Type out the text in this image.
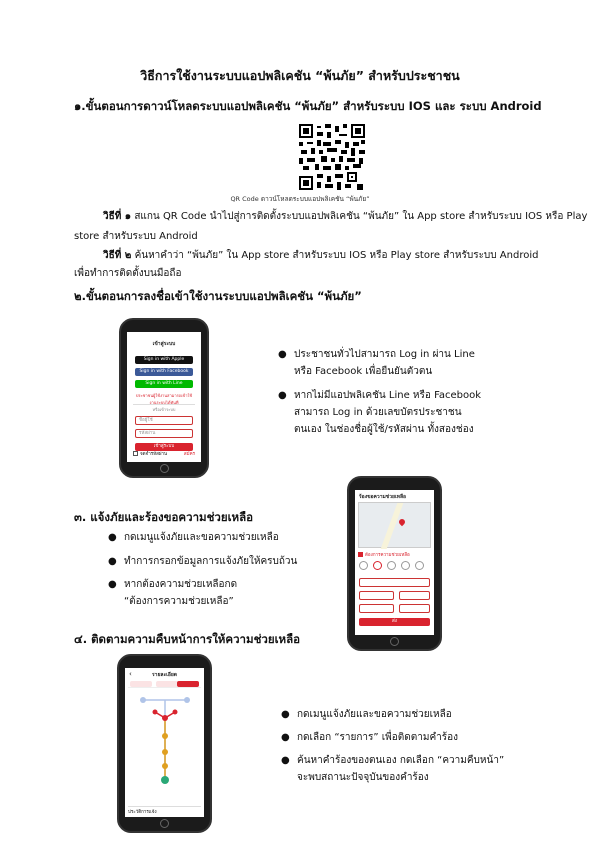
วิธีการใช้งานระบบแอปพลิเคชัน “พ้นภัย” สำหรับประชาชน
๑.ขั้นตอนการดาวน์โหลดระบบแอปพลิเคชัน “พ้นภัย” สำหรับระบบ IOS และ ระบบ Android
QR Code ดาวน์โหลดระบบแอปพลิเคชัน “พ้นภัย”
วิธีที่ ๑ สแกน QR Code นำไปสู่การติดตั้งระบบแอปพลิเคชัน “พ้นภัย” ใน App store สำหรับระบบ IOS หรือ Play
store สำหรับระบบ Android
วิธีที่ ๒ ค้นหาคำว่า “พ้นภัย” ใน App store สำหรับระบบ IOS หรือ Play store สำหรับระบบ Android
เพื่อทำการติดตั้งบนมือถือ
๒.ขั้นตอนการลงชื่อเข้าใช้งานระบบแอปพลิเคชัน “พ้นภัย”
เข้าสู่ระบบ
Sign in with Apple
Sign in with Facebook
Sign in with Line
ประชาชนผู้ใช้งานสามารถเข้าใช้งานระบบได้ทันที
หรือเข้าระบบ
ชื่อผู้ใช้
รหัสผ่าน
เข้าสู่ระบบ
จดจำรหัสผ่าน	สมัคร
● ประชาชนทั่วไปสามารถ Log in ผ่าน Line
หรือ Facebook เพื่อยืนยันตัวตน
● หากไม่มีแอปพลิเคชัน Line หรือ Facebook
สามารถ Log in ด้วยเลขบัตรประชาชน
ตนเอง ในช่องชื่อผู้ใช้/รหัสผ่าน ทั้งสองช่อง
๓. แจ้งภัยและร้องขอความช่วยเหลือ
● กดเมนูแจ้งภัยและขอความช่วยเหลือ
● ทำการกรอกข้อมูลการแจ้งภัยให้ครบถ้วน
● หากต้องความช่วยเหลือกด
“ต้องการความช่วยเหลือ”
ร้องขอความช่วยเหลือ
ต้องการความช่วยเหลือ
ส่ง
๔. ติดตามความคืบหน้าการให้ความช่วยเหลือ
‹	รายละเอียด
ประวัติการแจ้ง
● กดเมนูแจ้งภัยและขอความช่วยเหลือ
● กดเลือก “รายการ” เพื่อติดตามคำร้อง
● ค้นหาคำร้องของตนเอง กดเลือก “ความคืบหน้า”
จะพบสถานะปัจจุบันของคำร้อง
